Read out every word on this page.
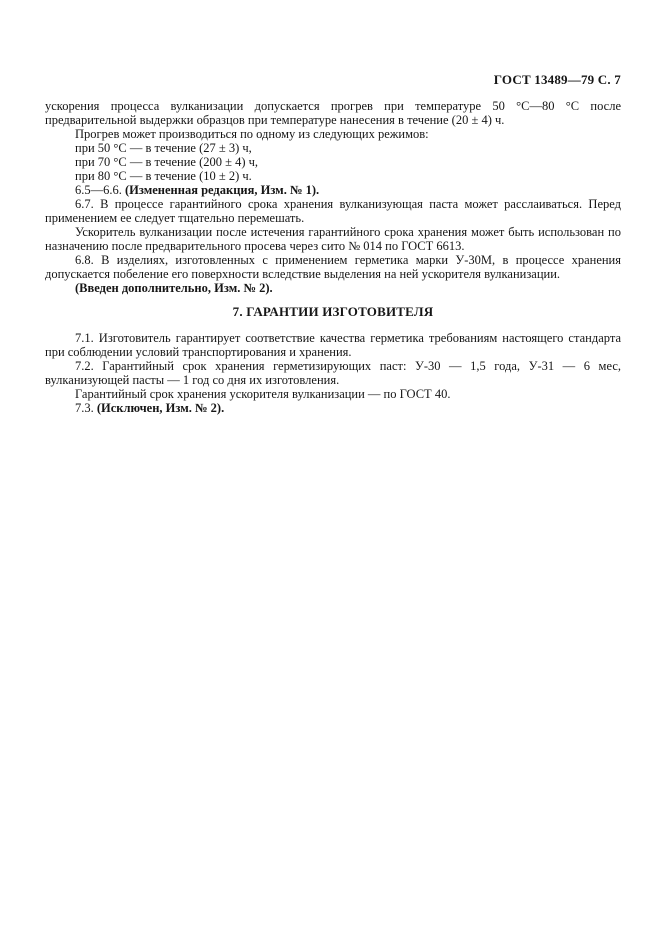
ГОСТ 13489—79 С. 7

ускорения процесса вулканизации допускается прогрев при температуре 50 °С—80 °С после предварительной выдержки образцов при температуре нанесения в течение (20 ± 4) ч.

Прогрев может производиться по одному из следующих режимов:

при 50 °С — в течение (27 ± 3) ч,

при 70 °С — в течение (200 ± 4) ч,

при 80 °С — в течение (10 ± 2) ч.

6.5—6.6. (Измененная редакция, Изм. № 1).

6.7. В процессе гарантийного срока хранения вулканизующая паста может расслаиваться. Перед применением ее следует тщательно перемешать.

Ускоритель вулканизации после истечения гарантийного срока хранения может быть использован по назначению после предварительного просева через сито № 014 по ГОСТ 6613.

6.8. В изделиях, изготовленных с применением герметика марки У-30М, в процессе хранения допускается побеление его поверхности вследствие выделения на ней ускорителя вулканизации.

(Введен дополнительно, Изм. № 2).

7. ГАРАНТИИ ИЗГОТОВИТЕЛЯ

7.1. Изготовитель гарантирует соответствие качества герметика требованиям настоящего стандарта при соблюдении условий транспортирования и хранения.

7.2. Гарантийный срок хранения герметизирующих паст: У-30 — 1,5 года, У-31 — 6 мес, вулканизующей пасты — 1 год со дня их изготовления.

Гарантийный срок хранения ускорителя вулканизации — по ГОСТ 40.

7.3. (Исключен, Изм. № 2).
